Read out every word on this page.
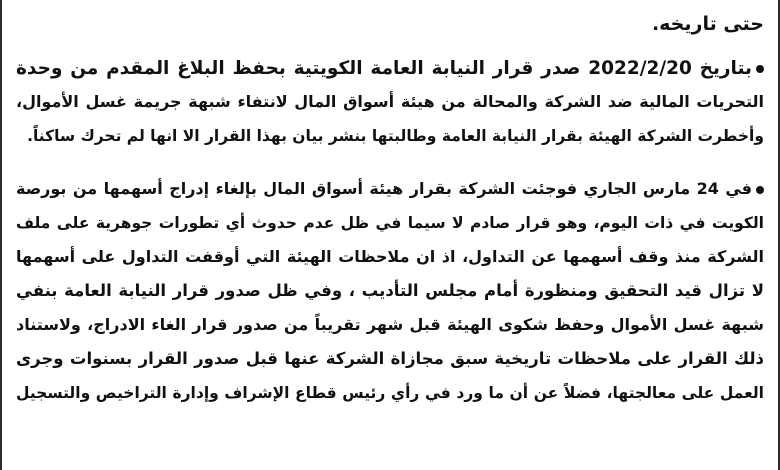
حتى تاريخه.
بتاريخ 2022/2/20 صدر قرار النيابة العامة الكويتية بحفظ البلاغ المقدم من وحدة
التحريات المالية ضد الشركة والمحالة من هيئة أسواق المال لانتفاء شبهة جريمة غسل الأموال،
وأخطرت الشركة الهيئة بقرار النيابة العامة وطالبتها بنشر بيان بهذا القرار الا انها لم تحرك ساكناً.
في 24 مارس الجاري فوجئت الشركة بقرار هيئة أسواق المال بإلغاء إدراج أسهمها من بورصة
الكويت في ذات اليوم، وهو قرار صادم لا سيما في ظل عدم حدوث أي تطورات جوهرية على ملف
الشركة منذ وقف أسهمها عن التداول، اذ ان ملاحظات الهيئة التي أوقفت التداول على أسهمها
لا تزال قيد التحقيق ومنظورة أمام مجلس التأديب ، وفي ظل صدور قرار النيابة العامة بنفي
شبهة غسل الأموال وحفظ شكوى الهيئة قبل شهر تقريباً من صدور قرار الغاء الادراج، ولاستناد
ذلك القرار على ملاحظات تاريخية سبق مجازاة الشركة عنها قبل صدور القرار بسنوات وجرى
العمل على معالجتها، فضلاً عن أن ما ورد في رأي رئيس قطاع الإشراف وإدارة التراخيص والتسجيل
